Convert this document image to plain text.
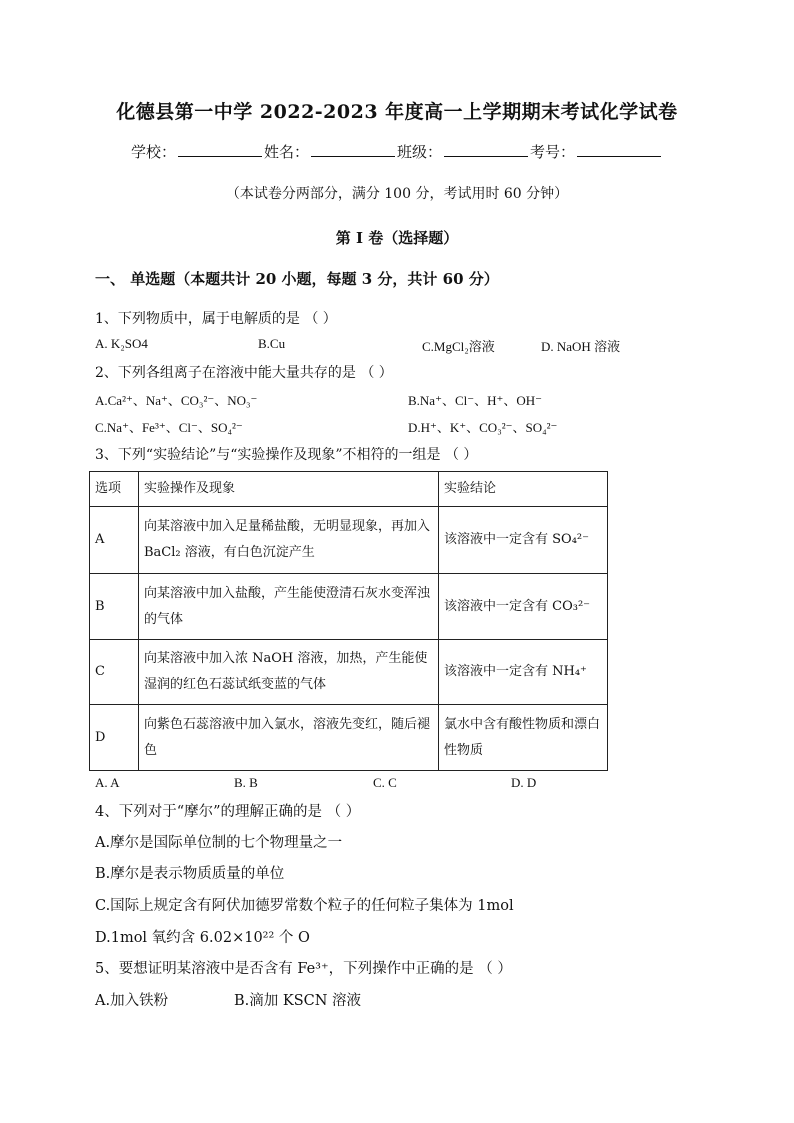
化德县第一中学 2022-2023 年度高一上学期期末考试化学试卷
学校：	姓名：	班级：	考号：
（本试卷分两部分，满分 100 分，考试用时 60 分钟）
第 I 卷（选择题）
一、 单选题（本题共计 20 小题，每题 3 分，共计 60 分）
1、下列物质中，属于电解质的是 （ ）
A. K₂SO4	B.Cu	C.MgCl₂溶液	D. NaOH 溶液
2、下列各组离子在溶液中能大量共存的是 （ ）
A.Ca²⁺、Na⁺、CO₃²⁻、NO₃⁻	B.Na⁺、Cl⁻、H⁺、OH⁻
C.Na⁺、Fe³⁺、Cl⁻、SO₄²⁻	D.H⁺、K⁺、CO₃²⁻、SO₄²⁻
3、下列“实验结论”与“实验操作及现象”不相符的一组是 （ ）
选项	实验操作及现象	实验结论
A	向某溶液中加入足量稀盐酸，无明显现象，再加入 BaCl₂ 溶液，有白色沉淀产生	该溶液中一定含有 SO₄²⁻
B	向某溶液中加入盐酸，产生能使澄清石灰水变浑浊的气体	该溶液中一定含有 CO₃²⁻
C	向某溶液中加入浓 NaOH 溶液，加热，产生能使湿润的红色石蕊试纸变蓝的气体	该溶液中一定含有 NH₄⁺
D	向紫色石蕊溶液中加入氯水，溶液先变红，随后褪色	氯水中含有酸性物质和漂白性物质
A. A	B. B	C. C	D. D
4、下列对于“摩尔”的理解正确的是 （ ）
A.摩尔是国际单位制的七个物理量之一
B.摩尔是表示物质质量的单位
C.国际上规定含有阿伏加德罗常数个粒子的任何粒子集体为 1mol
D.1mol 氧约含 6.02×10²² 个 O
5、要想证明某溶液中是否含有 Fe³⁺，下列操作中正确的是 （ ）
A.加入铁粉	B.滴加 KSCN 溶液
